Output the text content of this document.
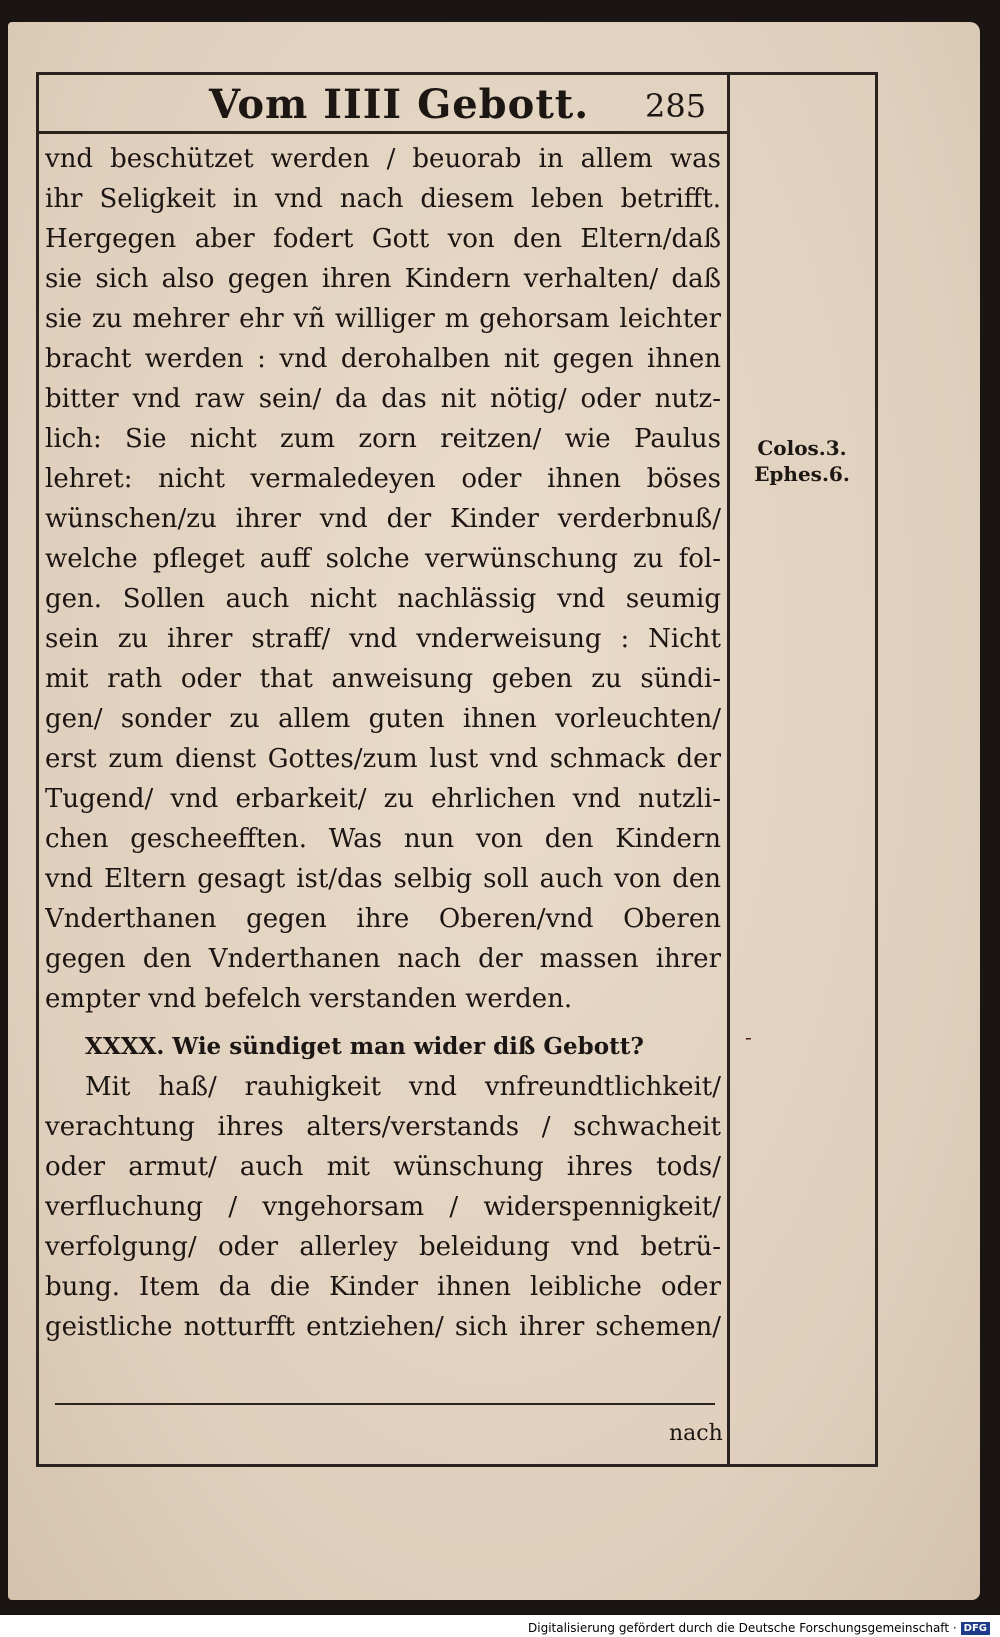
Vom IIII Gebott. 285
vnd beschützet werden / beuorab in allem was
ihr Seligkeit in vnd nach diesem leben betrifft.
Hergegen aber fodert Gott von den Eltern/daß
sie sich also gegen ihren Kindern verhalten/ daß
sie zu mehrer ehr vñ williger m gehorsam leichter
bracht werden : vnd derohalben nit gegen ihnen
bitter vnd raw sein/ da das nit nötig/ oder nutz-
lich: Sie nicht zum zorn reitzen/ wie Paulus
lehret: nicht vermaledeyen oder ihnen böses
wünschen/zu ihrer vnd der Kinder verderbnuß/
welche pfleget auff solche verwünschung zu fol-
gen. Sollen auch nicht nachlässig vnd seumig
sein zu ihrer straff/ vnd vnderweisung : Nicht
mit rath oder that anweisung geben zu sündi-
gen/ sonder zu allem guten ihnen vorleuchten/
erst zum dienst Gottes/zum lust vnd schmack der
Tugend/ vnd erbarkeit/ zu ehrlichen vnd nutzli-
chen gescheefften. Was nun von den Kindern
vnd Eltern gesagt ist/das selbig soll auch von den
Vnderthanen gegen ihre Oberen/vnd Oberen
gegen den Vnderthanen nach der massen ihrer
empter vnd befelch verstanden werden.
XXXX. Wie sündiget man wider diß Gebott?
Mit haß/ rauhigkeit vnd vnfreundtlichkeit/
verachtung ihres alters/verstands / schwacheit
oder armut/ auch mit wünschung ihres tods/
verfluchung / vngehorsam / widerspennigkeit/
verfolgung/ oder allerley beleidung vnd betrü-
bung. Item da die Kinder ihnen leibliche oder
geistliche notturfft entziehen/ sich ihrer schemen/
Colos.3.
Ephes.6.
‐
nach
Digitalisierung gefördert durch die Deutsche Forschungsgemeinschaft · DFG
